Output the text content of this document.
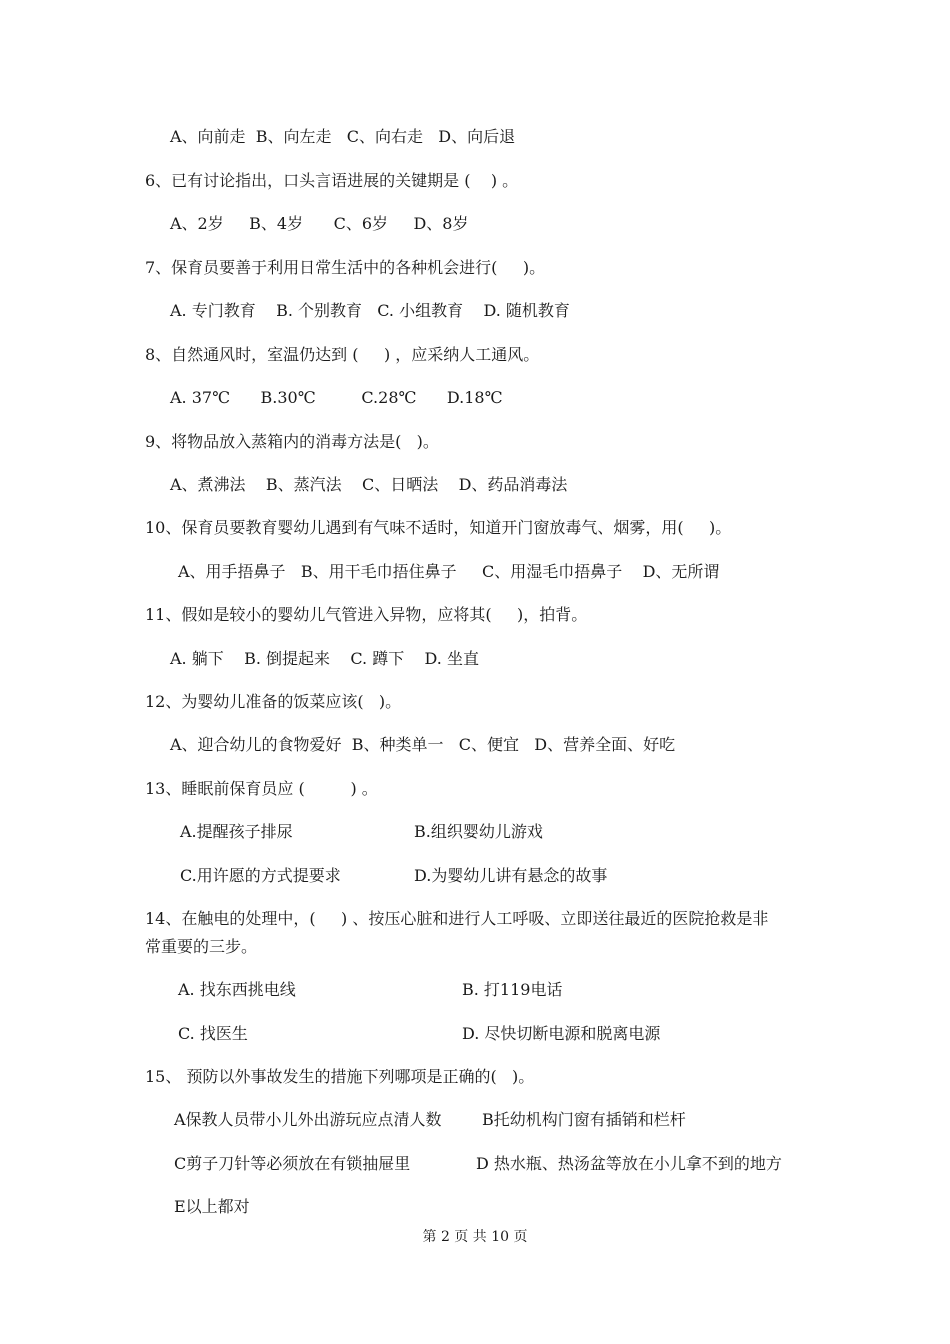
A、向前走  B、向左走   C、向右走   D、向后退
6、已有讨论指出，口头言语进展的关键期是 (    ) 。
A、2岁     B、4岁      C、6岁     D、8岁
7、保育员要善于利用日常生活中的各种机会进行(     )。
A. 专门教育    B. 个别教育   C. 小组教育    D. 随机教育
8、自然通风时，室温仍达到 (     ) ，应采纳人工通风。
A. 37℃      B.30℃         C.28℃      D.18℃
9、将物品放入蒸箱内的消毒方法是(   )。
A、煮沸法    B、蒸汽法    C、日晒法    D、药品消毒法
10、保育员要教育婴幼儿遇到有气味不适时，知道开门窗放毒气、烟雾，用(     )。
A、用手捂鼻子   B、用干毛巾捂住鼻子     C、用湿毛巾捂鼻子    D、无所谓
11、假如是较小的婴幼儿气管进入异物，应将其(     )，拍背。
A. 躺下    B. 倒提起来    C. 蹲下    D. 坐直
12、为婴幼儿准备的饭菜应该(   )。
A、迎合幼儿的食物爱好  B、种类单一   C、便宜   D、营养全面、好吃
13、睡眠前保育员应 (         ) 。
A.提醒孩子排尿	B.组织婴幼儿游戏
C.用许愿的方式提要求	D.为婴幼儿讲有悬念的故事
14、在触电的处理中，(     ) 、按压心脏和进行人工呼吸、立即送往最近的医院抢救是非
常重要的三步。
A. 找东西挑电线	B. 打119电话
C. 找医生	D. 尽快切断电源和脱离电源
15、 预防以外事故发生的措施下列哪项是正确的(   )。
A保教人员带小儿外出游玩应点清人数	B托幼机构门窗有插销和栏杆
C剪子刀针等必须放在有锁抽屉里	D 热水瓶、热汤盆等放在小儿拿不到的地方
E以上都对
第 2 页 共 10 页
